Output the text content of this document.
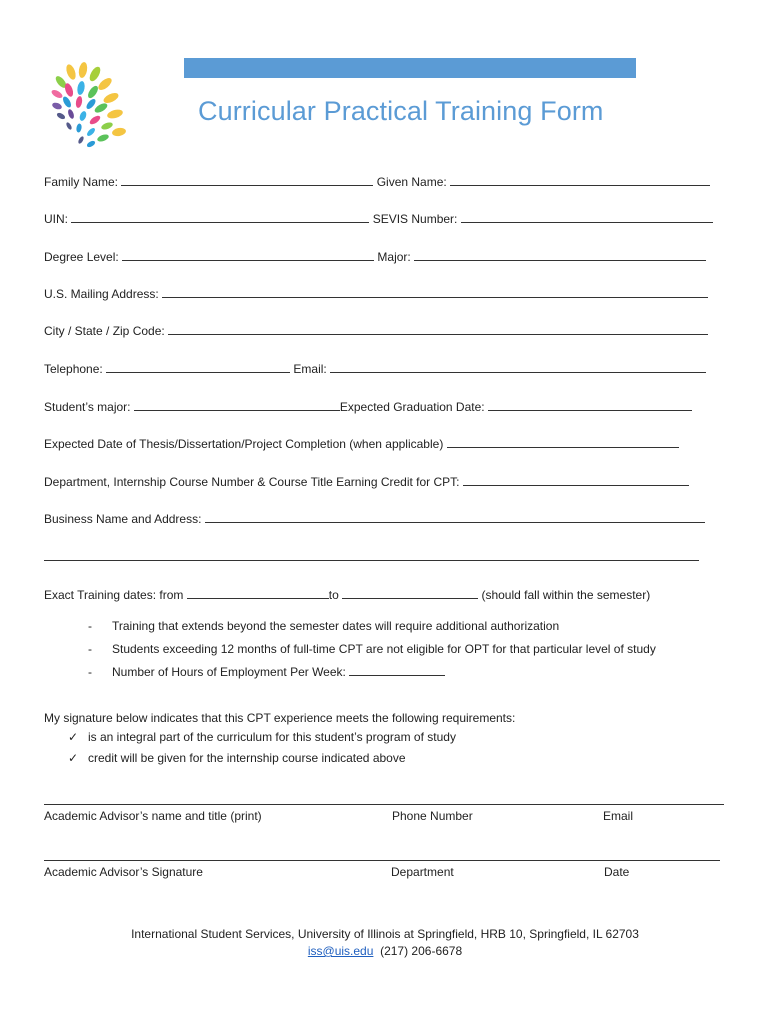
Curricular Practical Training Form
Family Name:	Given Name:
UIN:	SEVIS Number:
Degree Level:	Major:
U.S. Mailing Address:
City / State / Zip Code:
Telephone:	Email:
Student’s major:	Expected Graduation Date:
Expected Date of Thesis/Dissertation/Project Completion (when applicable)
Department, Internship Course Number & Course Title Earning Credit for CPT:
Business Name and Address:
Exact Training dates: from	to	(should fall within the semester)
- Training that extends beyond the semester dates will require additional authorization
- Students exceeding 12 months of full-time CPT are not eligible for OPT for that particular level of study
- Number of Hours of Employment Per Week:
My signature below indicates that this CPT experience meets the following requirements:
✓ is an integral part of the curriculum for this student’s program of study
✓ credit will be given for the internship course indicated above
Academic Advisor’s name and title (print)	Phone Number	Email
Academic Advisor’s Signature	Department	Date
International Student Services, University of Illinois at Springfield, HRB 10, Springfield, IL 62703
iss@uis.edu (217) 206-6678
